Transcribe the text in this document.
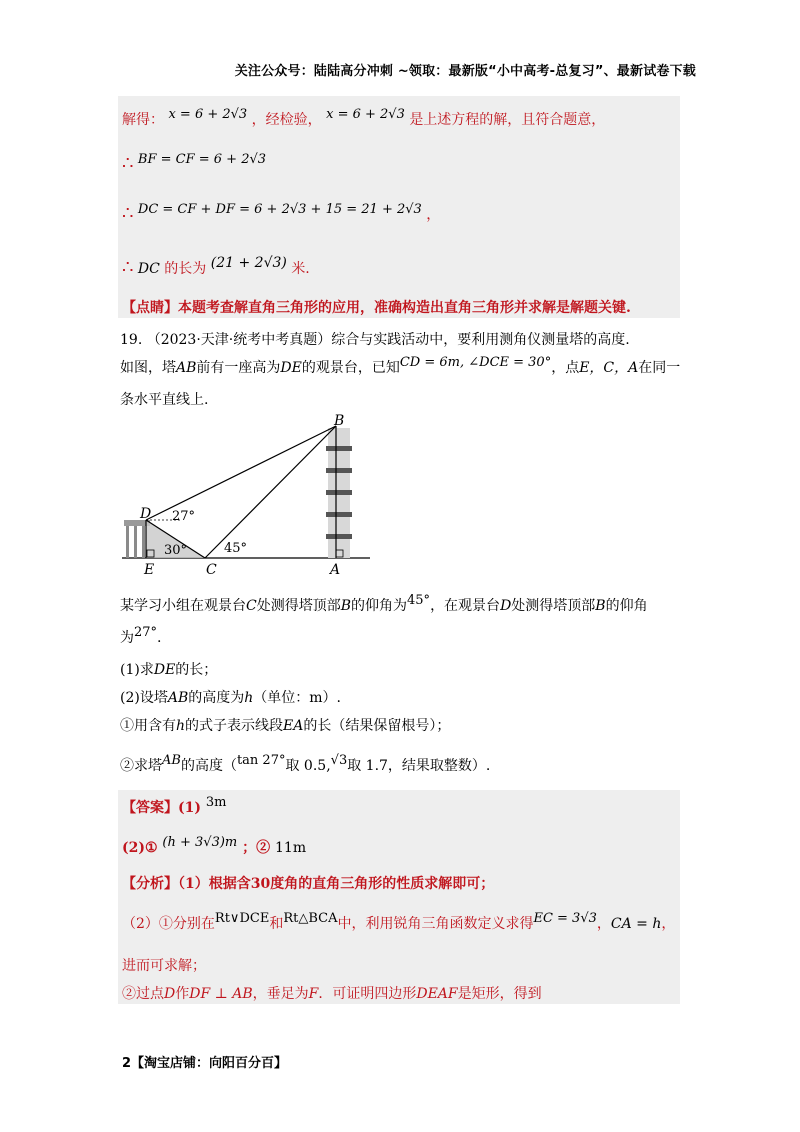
关注公众号：陆陆高分冲刺 ~领取：最新版“小中高考-总复习”、最新试卷下载
解得： x = 6 + 2√3 ，经检验， x = 6 + 2√3 是上述方程的解，且符合题意，
∴ BF = CF = 6 + 2√3
∴ DC = CF + DF = 6 + 2√3 + 15 = 21 + 2√3 ，
∴ DC 的长为 (21 + 2√3) 米.
【点睛】本题考查解直角三角形的应用，准确构造出直角三角形并求解是解题关键.
19. （2023·天津·统考中考真题）综合与实践活动中，要利用测角仪测量塔的高度.
如图，塔AB前有一座高为DE的观景台，已知CD = 6m, ∠DCE = 30°，点E，C，A在同一
条水平直线上.
B
D
E	C	A
27°
30°	45°
某学习小组在观景台C处测得塔顶部B的仰角为45°，在观景台D处测得塔顶部B的仰角
为27°.
(1)求DE的长；
(2)设塔AB的高度为h（单位：m）.
①用含有h的式子表示线段EA的长（结果保留根号）；
②求塔AB的高度（tan 27°取 0.5,√3取 1.7，结果取整数）.
【答案】(1) 3m
(2)① (h + 3√3)m ；② 11m
【分析】（1）根据含30度角的直角三角形的性质求解即可；
（2）①分别在Rt∨DCE和Rt△BCA中，利用锐角三角函数定义求得EC = 3√3，CA = h，
进而可求解；
②过点D作DF ⊥ AB，垂足为F．可证明四边形DEAF是矩形，得到
2【淘宝店铺：向阳百分百】
